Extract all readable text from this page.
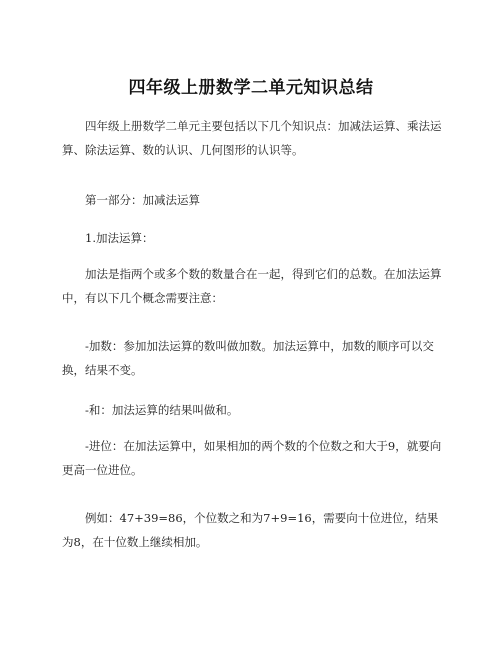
四年级上册数学二单元知识总结

四年级上册数学二单元主要包括以下几个知识点：加减法运算、乘法运算、除法运算、数的认识、几何图形的认识等。

第一部分：加减法运算

1.加法运算：

加法是指两个或多个数的数量合在一起，得到它们的总数。在加法运算中，有以下几个概念需要注意：

-加数：参加加法运算的数叫做加数。加法运算中，加数的顺序可以交换，结果不变。

-和：加法运算的结果叫做和。

-进位：在加法运算中，如果相加的两个数的个位数之和大于9，就要向更高一位进位。

例如：47+39=86，个位数之和为7+9=16，需要向十位进位，结果为8，在十位数上继续相加。
